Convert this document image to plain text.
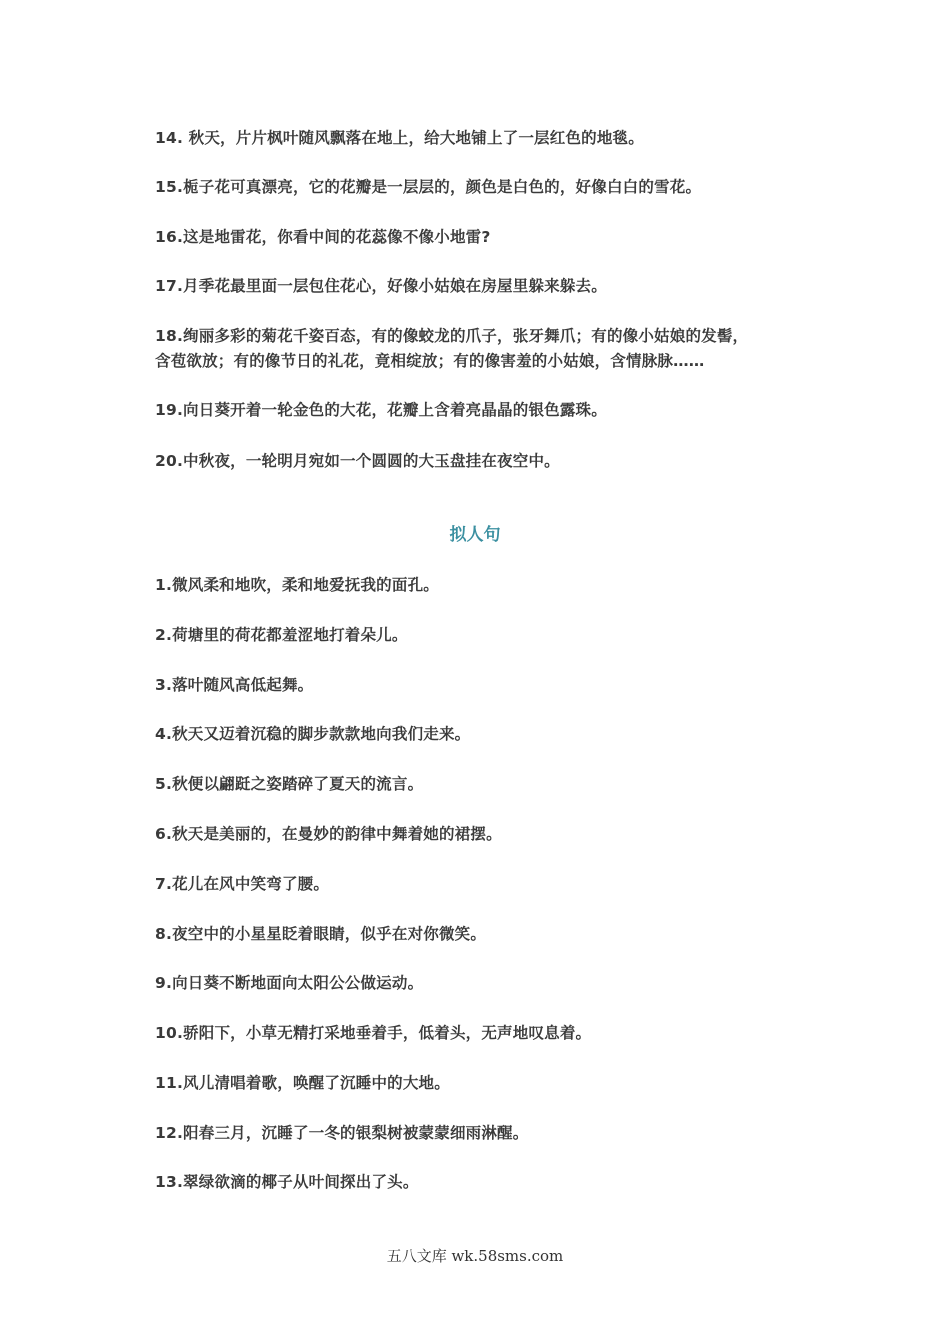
14. 秋天，片片枫叶随风飘落在地上，给大地铺上了一层红色的地毯。
15.栀子花可真漂亮，它的花瓣是一层层的，颜色是白色的，好像白白的雪花。
16.这是地雷花，你看中间的花蕊像不像小地雷?
17.月季花最里面一层包住花心，好像小姑娘在房屋里躲来躲去。
18.绚丽多彩的菊花千姿百态，有的像蛟龙的爪子，张牙舞爪；有的像小姑娘的发髻，
含苞欲放；有的像节日的礼花，竟相绽放；有的像害羞的小姑娘，含情脉脉……
19.向日葵开着一轮金色的大花，花瓣上含着亮晶晶的银色露珠。
20.中秋夜，一轮明月宛如一个圆圆的大玉盘挂在夜空中。
拟人句
1.微风柔和地吹，柔和地爱抚我的面孔。
2.荷塘里的荷花都羞涩地打着朵儿。
3.落叶随风高低起舞。
4.秋天又迈着沉稳的脚步款款地向我们走来。
5.秋便以翩跹之姿踏碎了夏天的流言。
6.秋天是美丽的，在曼妙的韵律中舞着她的裙摆。
7.花儿在风中笑弯了腰。
8.夜空中的小星星眨着眼睛，似乎在对你微笑。
9.向日葵不断地面向太阳公公做运动。
10.骄阳下，小草无精打采地垂着手，低着头，无声地叹息着。
11.风儿清唱着歌，唤醒了沉睡中的大地。
12.阳春三月，沉睡了一冬的银梨树被蒙蒙细雨淋醒。
13.翠绿欲滴的椰子从叶间探出了头。
五八文库 wk.58sms.com
